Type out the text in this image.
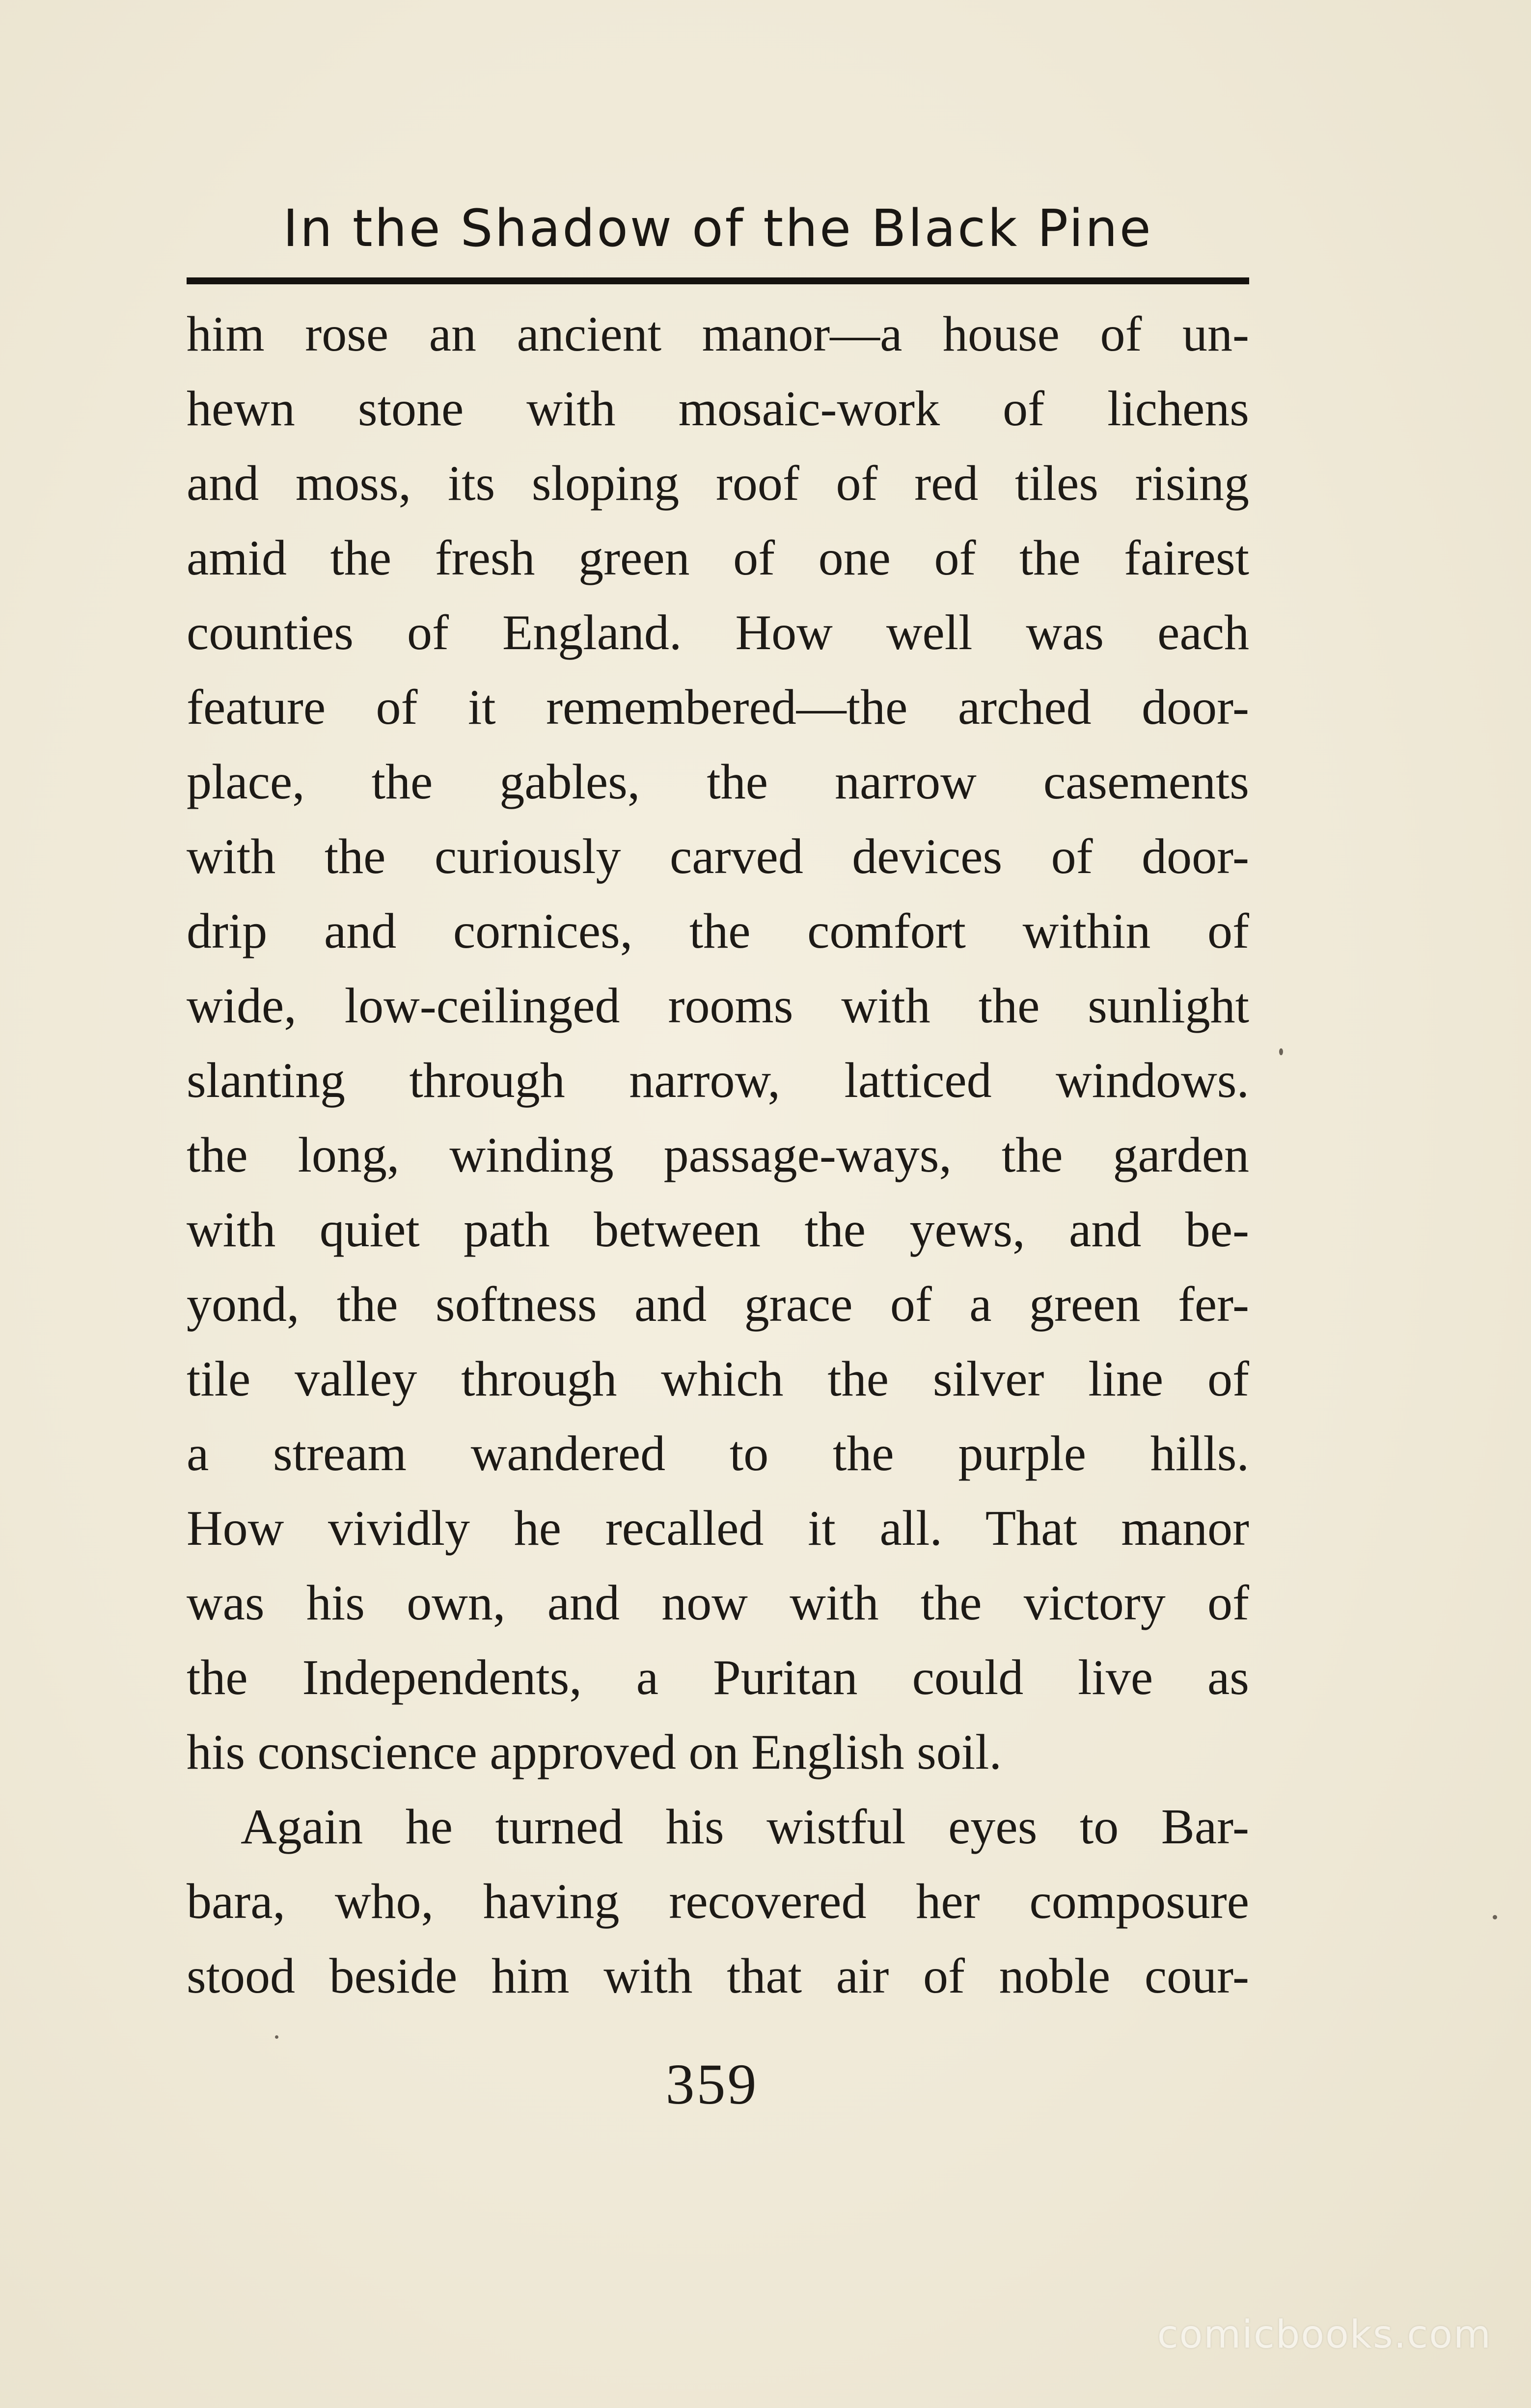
In the Shadow of the Black Pine
him rose an ancient manor—a house of un-
hewn stone with mosaic-work of lichens
and moss, its sloping roof of red tiles rising
amid the fresh green of one of the fairest
counties of England. How well was each
feature of it remembered—the arched door-
place, the gables, the narrow casements
with the curiously carved devices of door-
drip and cornices, the comfort within of
wide, low-ceilinged rooms with the sunlight
slanting through narrow, latticed windows.
the long, winding passage-ways, the garden
with quiet path between the yews, and be-
yond, the softness and grace of a green fer-
tile valley through which the silver line of
a stream wandered to the purple hills.
How vividly he recalled it all. That manor
was his own, and now with the victory of
the Independents, a Puritan could live as
his conscience approved on English soil.
Again he turned his wistful eyes to Bar-
bara, who, having recovered her composure
stood beside him with that air of noble cour-
359
comicbooks.com
